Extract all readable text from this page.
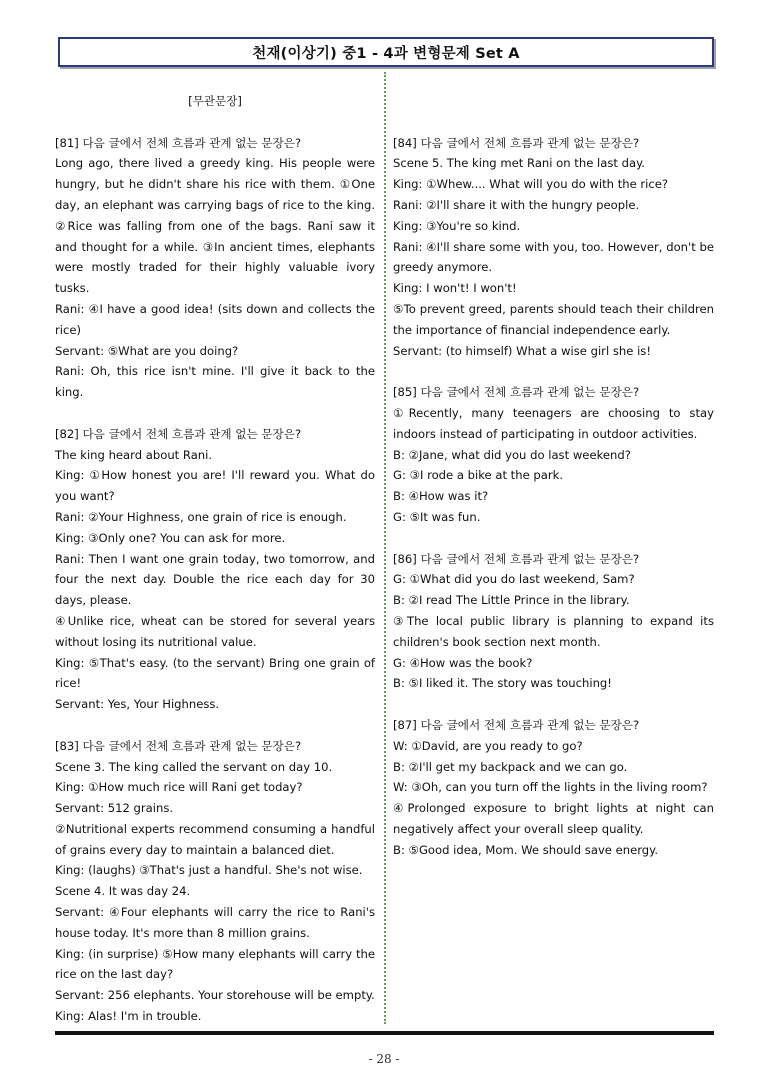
천재(이상기) 중1 - 4과 변형문제 Set A

[무관문장]

[81] 다음 글에서 전체 흐름과 관계 없는 문장은?

Long ago, there lived a greedy king. His people were hungry, but he didn't share his rice with them. ①One day, an elephant was carrying bags of rice to the king. ②Rice was falling from one of the bags. Rani saw it and thought for a while. ③In ancient times, elephants were mostly traded for their highly valuable ivory tusks.

Rani: ④I have a good idea! (sits down and collects the rice)

Servant: ⑤What are you doing?

Rani: Oh, this rice isn't mine. I'll give it back to the king.

[82] 다음 글에서 전체 흐름과 관계 없는 문장은?

The king heard about Rani.

King: ①How honest you are! I'll reward you. What do you want?

Rani: ②Your Highness, one grain of rice is enough.

King: ③Only one? You can ask for more.

Rani: Then I want one grain today, two tomorrow, and four the next day. Double the rice each day for 30 days, please.

④Unlike rice, wheat can be stored for several years without losing its nutritional value.

King: ⑤That's easy. (to the servant) Bring one grain of rice!

Servant: Yes, Your Highness.

[83] 다음 글에서 전체 흐름과 관계 없는 문장은?

Scene 3. The king called the servant on day 10.

King: ①How much rice will Rani get today?

Servant: 512 grains.

②Nutritional experts recommend consuming a handful of grains every day to maintain a balanced diet.

King: (laughs) ③That's just a handful. She's not wise.

Scene 4. It was day 24.

Servant: ④Four elephants will carry the rice to Rani's house today. It's more than 8 million grains.

King: (in surprise) ⑤How many elephants will carry the rice on the last day?

Servant: 256 elephants. Your storehouse will be empty.

King: Alas! I'm in trouble.

[84] 다음 글에서 전체 흐름과 관계 없는 문장은?

Scene 5. The king met Rani on the last day.

King: ①Whew.... What will you do with the rice?

Rani: ②I'll share it with the hungry people.

King: ③You're so kind.

Rani: ④I'll share some with you, too. However, don't be greedy anymore.

King: I won't! I won't!

⑤To prevent greed, parents should teach their children the importance of financial independence early.

Servant: (to himself) What a wise girl she is!

[85] 다음 글에서 전체 흐름과 관계 없는 문장은?

①Recently, many teenagers are choosing to stay indoors instead of participating in outdoor activities.

B: ②Jane, what did you do last weekend?

G: ③I rode a bike at the park.

B: ④How was it?

G: ⑤It was fun.

[86] 다음 글에서 전체 흐름과 관계 없는 문장은?

G: ①What did you do last weekend, Sam?

B: ②I read The Little Prince in the library.

③The local public library is planning to expand its children's book section next month.

G: ④How was the book?

B: ⑤I liked it. The story was touching!

[87] 다음 글에서 전체 흐름과 관계 없는 문장은?

W: ①David, are you ready to go?

B: ②I'll get my backpack and we can go.

W: ③Oh, can you turn off the lights in the living room?

④Prolonged exposure to bright lights at night can negatively affect your overall sleep quality.

B: ⑤Good idea, Mom. We should save energy.

- 28 -
